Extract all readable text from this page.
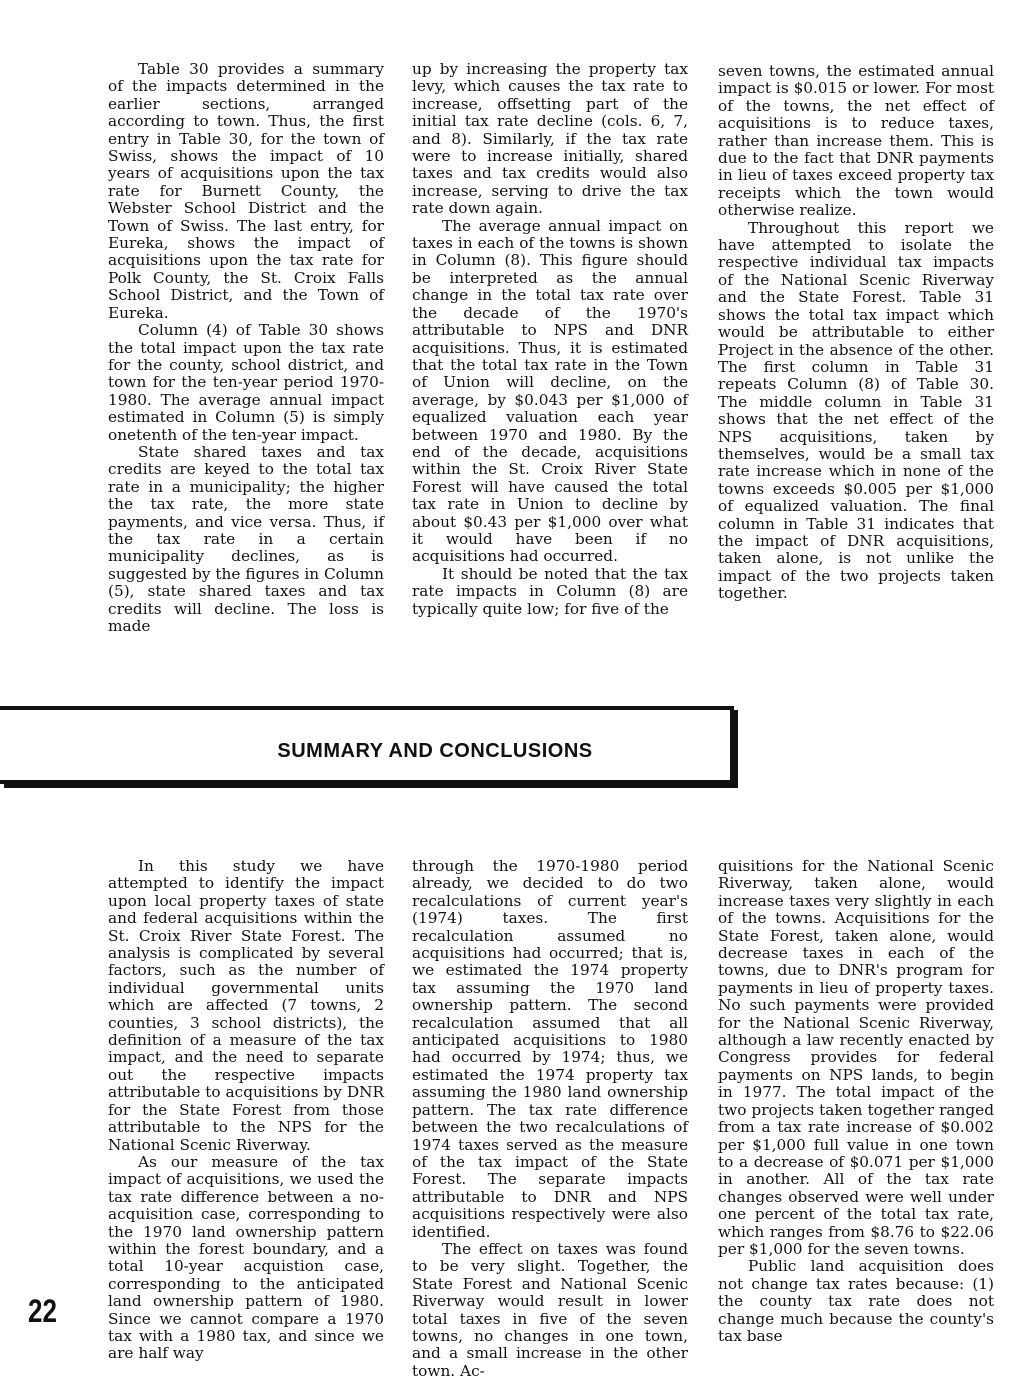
Table 30 provides a summary of the impacts determined in the earlier sections, arranged according to town. Thus, the first entry in Table 30, for the town of Swiss, shows the impact of 10 years of acquisitions upon the tax rate for Burnett County, the Webster School District and the Town of Swiss. The last entry, for Eureka, shows the impact of acquisitions upon the tax rate for Polk County, the St. Croix Falls School District, and the Town of Eureka.

Column (4) of Table 30 shows the total impact upon the tax rate for the county, school district, and town for the ten-year period 1970-1980. The average annual impact estimated in Column (5) is simply onetenth of the ten-year impact.

State shared taxes and tax credits are keyed to the total tax rate in a municipality; the higher the tax rate, the more state payments, and vice versa. Thus, if the tax rate in a certain municipality declines, as is suggested by the figures in Column (5), state shared taxes and tax credits will decline. The loss is made

up by increasing the property tax levy, which causes the tax rate to increase, offsetting part of the initial tax rate decline (cols. 6, 7, and 8). Similarly, if the tax rate were to increase initially, shared taxes and tax credits would also increase, serving to drive the tax rate down again.

The average annual impact on taxes in each of the towns is shown in Column (8). This figure should be interpreted as the annual change in the total tax rate over the decade of the 1970's attributable to NPS and DNR acquisitions. Thus, it is estimated that the total tax rate in the Town of Union will decline, on the average, by $0.043 per $1,000 of equalized valuation each year between 1970 and 1980. By the end of the decade, acquisitions within the St. Croix River State Forest will have caused the total tax rate in Union to decline by about $0.43 per $1,000 over what it would have been if no acquisitions had occurred.

It should be noted that the tax rate impacts in Column (8) are typically quite low; for five of the

seven towns, the estimated annual impact is $0.015 or lower. For most of the towns, the net effect of acquisitions is to reduce taxes, rather than increase them. This is due to the fact that DNR payments in lieu of taxes exceed property tax receipts which the town would otherwise realize.

Throughout this report we have attempted to isolate the respective individual tax impacts of the National Scenic Riverway and the State Forest. Table 31 shows the total tax impact which would be attributable to either Project in the absence of the other. The first column in Table 31 repeats Column (8) of Table 30. The middle column in Table 31 shows that the net effect of the NPS acquisitions, taken by themselves, would be a small tax rate increase which in none of the towns exceeds $0.005 per $1,000 of equalized valuation. The final column in Table 31 indicates that the impact of DNR acquisitions, taken alone, is not unlike the impact of the two projects taken together.

SUMMARY AND CONCLUSIONS

In this study we have attempted to identify the impact upon local property taxes of state and federal acquisitions within the St. Croix River State Forest. The analysis is complicated by several factors, such as the number of individual governmental units which are affected (7 towns, 2 counties, 3 school districts), the definition of a measure of the tax impact, and the need to separate out the respective impacts attributable to acquisitions by DNR for the State Forest from those attributable to the NPS for the National Scenic Riverway.

As our measure of the tax impact of acquisitions, we used the tax rate difference between a no-acquisition case, corresponding to the 1970 land ownership pattern within the forest boundary, and a total 10-year acquistion case, corresponding to the anticipated land ownership pattern of 1980. Since we cannot compare a 1970 tax with a 1980 tax, and since we are half way

through the 1970-1980 period already, we decided to do two recalculations of current year's (1974) taxes. The first recalculation assumed no acquisitions had occurred; that is, we estimated the 1974 property tax assuming the 1970 land ownership pattern. The second recalculation assumed that all anticipated acquisitions to 1980 had occurred by 1974; thus, we estimated the 1974 property tax assuming the 1980 land ownership pattern. The tax rate difference between the two recalculations of 1974 taxes served as the measure of the tax impact of the State Forest. The separate impacts attributable to DNR and NPS acquisitions respectively were also identified.

The effect on taxes was found to be very slight. Together, the State Forest and National Scenic Riverway would result in lower total taxes in five of the seven towns, no changes in one town, and a small increase in the other town. Ac-

quisitions for the National Scenic Riverway, taken alone, would increase taxes very slightly in each of the towns. Acquisitions for the State Forest, taken alone, would decrease taxes in each of the towns, due to DNR's program for payments in lieu of property taxes. No such payments were provided for the National Scenic Riverway, although a law recently enacted by Congress provides for federal payments on NPS lands, to begin in 1977. The total impact of the two projects taken together ranged from a tax rate increase of $0.002 per $1,000 full value in one town to a decrease of $0.071 per $1,000 in another. All of the tax rate changes observed were well under one percent of the total tax rate, which ranges from $8.76 to $22.06 per $1,000 for the seven towns.

Public land acquisition does not change tax rates because: (1) the county tax rate does not change much because the county's tax base

22
